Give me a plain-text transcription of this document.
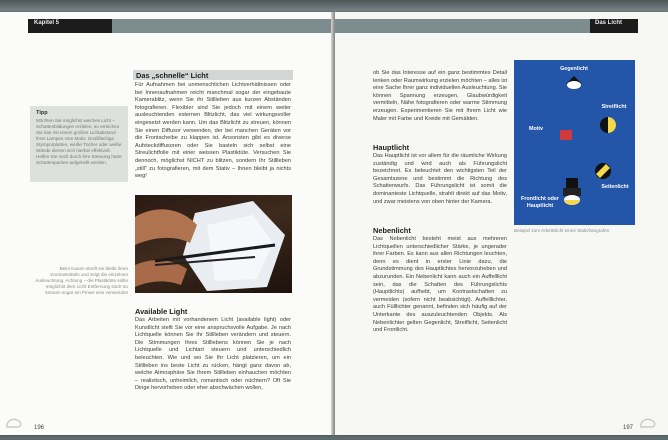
Kapitel 5
Das „schnelle“ Licht
Für Aufnahmen bei unmenschlichen Lichtverhältnissen oder bei Innenaufnahmen reicht manchmal sogar der eingebaute Kamerablitz, wenn Sie ihr Stillleben aus kurzen Abständen fotografieren. Flexibler sind Sie jedoch mit einem weiter ausleuchtenden externen Blitzlicht, das viel wirkungsvoller eingesetzt werden kann. Um das Blitzlicht zu streuen, können Sie einen Diffusor verwenden, der bei manchen Geräten vor die Frontscheibe zu klappen ist. Ansonsten gibt es diverse Aufsteckdiffusoren oder Sie basteln sich selbst eine Streulichtfolie mit einer weissen Plastiktüte. Versuchen Sie dennoch, möglichst NICHT zu blitzen, sondern Ihr Stillleben „still“ zu fotografieren, mit dem Stativ – Ihnen bleibt ja nichts weg!
Tipp
Möchten Sie möglichst weiches Licht – Schattenbildungen erzielen, so erreichen Sie das mit einem großen Lichtabstand Ihrer Lampen vom Motiv. Großflächige Styroporplatten, weiße Tücher oder weiße Wände dienen sich hierbei effektvoll. Helfen Sie noch durch ihre Streuung harte Schattenpartien aufgehellt werden.
Beim Kauen streift sie bleibt ihren Kontrastnitteln und zeigt die einzelnen Ausleuchtung. Achtung – die Plastiktüte sollte möglichst dem Licht Entfernung sind! So können sogar ein Pinsel sein verwendet!
Available Light
Das Arbeiten mit vorhandenem Licht (available light) oder Kunstlicht stellt Sie vor eine anspruchsvolle Aufgabe. Je nach Lichtquelle können Sie Ihr Stillleben verändern und steuern. Die Stimmungen Ihres Stilllebens können Sie je nach Lichtquelle und Lichtart steuern und unterschiedlich beleuchten. Wie und wo Sie Ihr Licht platzieren, um ein Stillleben ins beste Licht zu rücken, hängt ganz davon ab, welche Atmosphäre Sie Ihrem Stillleben einhauchen möchten – realistisch, unheimlich, romantisch oder nüchtern? Oft Sie Dinge hervorheben oder eher abschwächen wollen,
196
Das Licht
ob Sie das Interesse auf ein ganz bestimmtes Detail lenken oder Raumwirkung erzielen möchten – alles ist eine Sache Ihrer ganz individuellen Ausleuchtung. Sie können Spannung erzeugen, Glaubwürdigkeit vermitteln, Nähe fotografieren oder warme Stimmung erzeugen. Experimentieren Sie mit Ihrem Licht wie Maler mit Farbe und Kreide mit Gemälden.
Hauptlicht
Das Hauptlicht ist vor allem für die räumliche Wirkung zuständig und wird auch als Führungslicht bezeichnet. Es beleuchtet den wichtigsten Teil der Gesamtszene und bestimmt die Richtung des Schattenwurfs. Das Führungslicht ist somit die dominanteste Lichtquelle, strahlt direkt auf das Motiv, und zwar meistens von oben hinter der Kamera.
Nebenlicht
Das Nebenlicht besteht meist aus mehreren Lichtquellen unterschiedlicher Stärke, je ungerader ihrer Farben. Es kann aus allen Richtungen leuchten, denn es dient in erster Linie dazu, die Grundstimmung des Hauptlichtes hervorzuheben und abzurunden. Ein Nebenlicht kann auch ein Auffelllicht sein, das die Schatten des Führungslichts (Hauptlichts) aufhebt, um Kontrastschatten zu vermeiden (sofern nicht beabsichtigt). Auffelllichter, auch Fülllichter genannt, befinden sich häufig auf der Unterkante des auszuleuchtenden Objekts. Als Nebenlichter gelten Gegenlicht, Streiflicht, Seitenlicht und Frontlicht.
197
Gegenlicht
Streiflicht
Motiv
Seitenlicht
Frontlicht oder Hauptlicht
Beispiel zum Arbeitslicht eines Stativfotografen
